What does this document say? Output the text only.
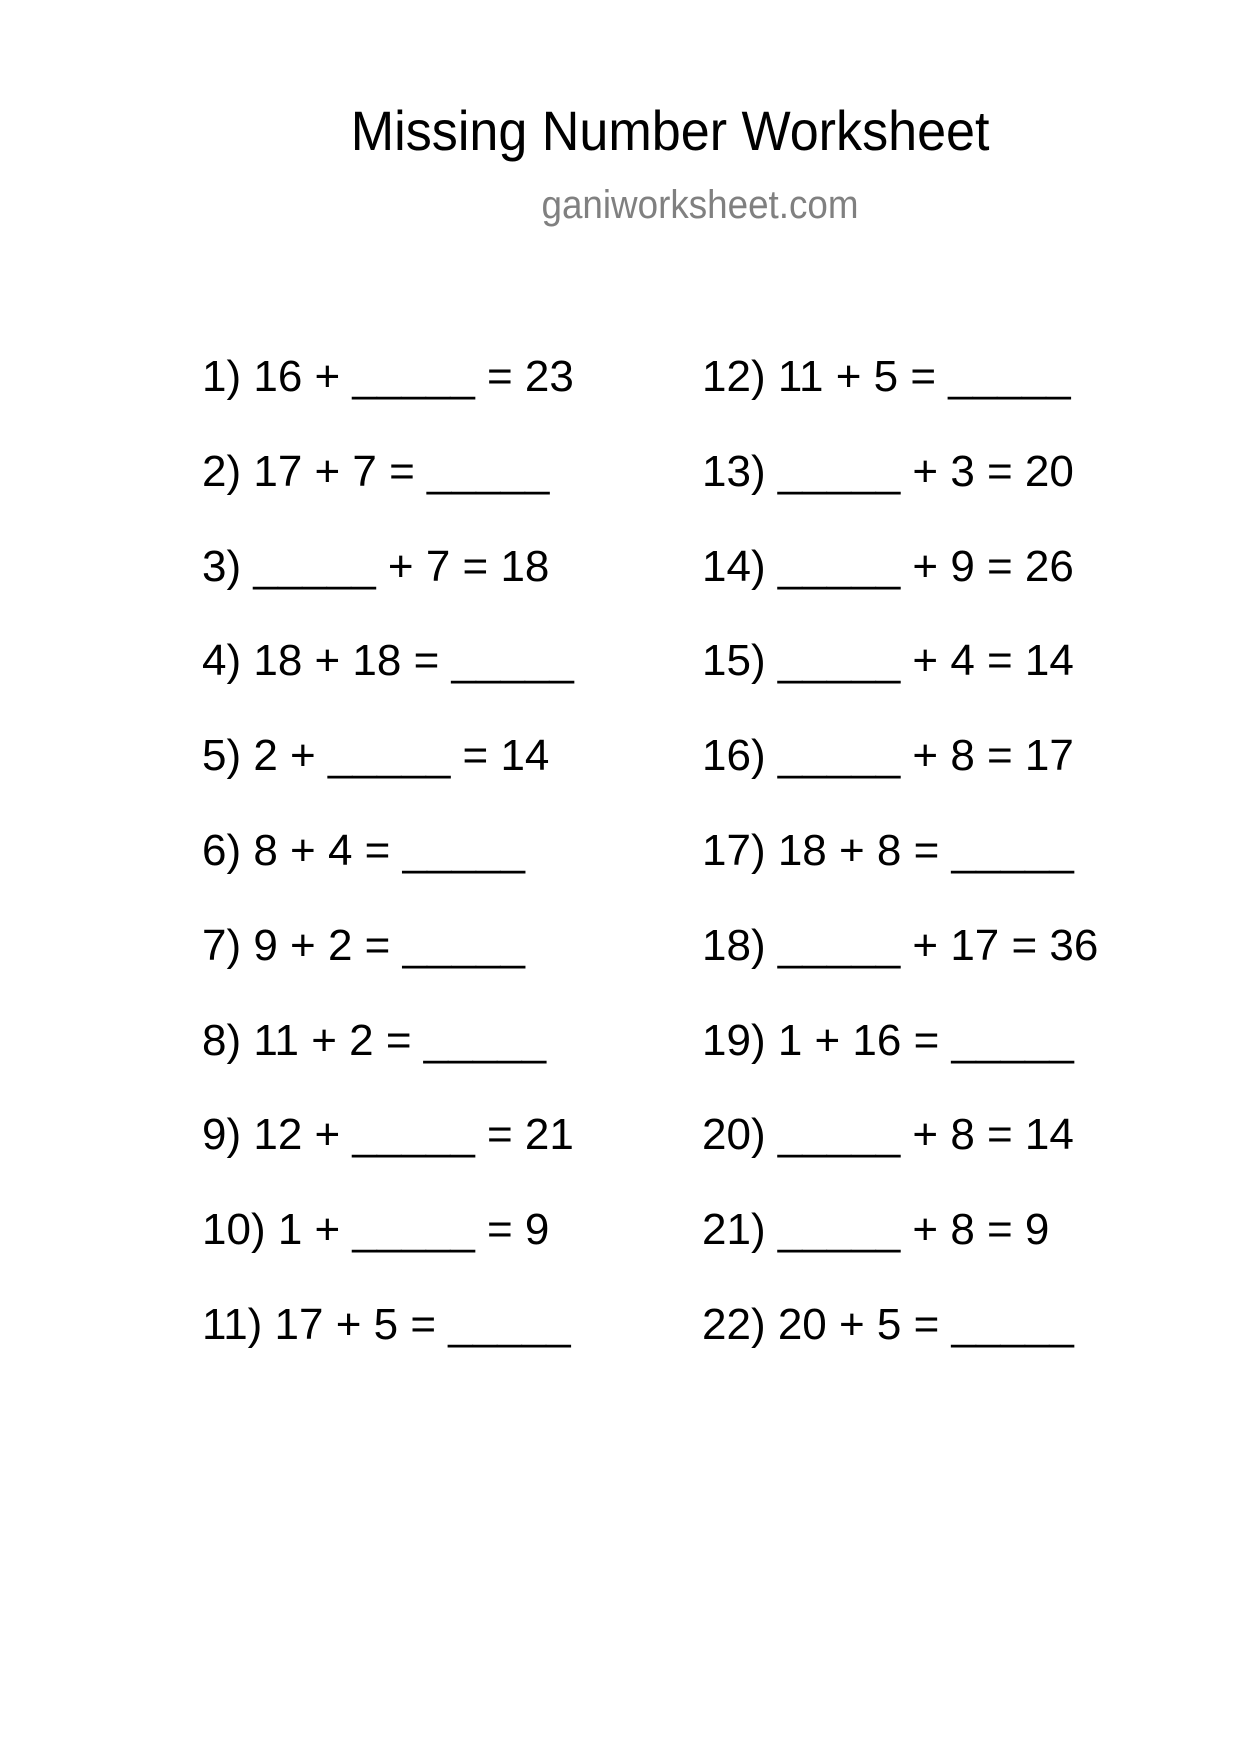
Missing Number Worksheet
ganiworksheet.com
1) 16 + _____ = 23
2) 17 + 7 = _____
3) _____ + 7 = 18
4) 18 + 18 = _____
5) 2 + _____ = 14
6) 8 + 4 = _____
7) 9 + 2 = _____
8) 11 + 2 = _____
9) 12 + _____ = 21
10) 1 + _____ = 9
11) 17 + 5 = _____
12) 11 + 5 = _____
13) _____ + 3 = 20
14) _____ + 9 = 26
15) _____ + 4 = 14
16) _____ + 8 = 17
17) 18 + 8 = _____
18) _____ + 17 = 36
19) 1 + 16 = _____
20) _____ + 8 = 14
21) _____ + 8 = 9
22) 20 + 5 = _____
